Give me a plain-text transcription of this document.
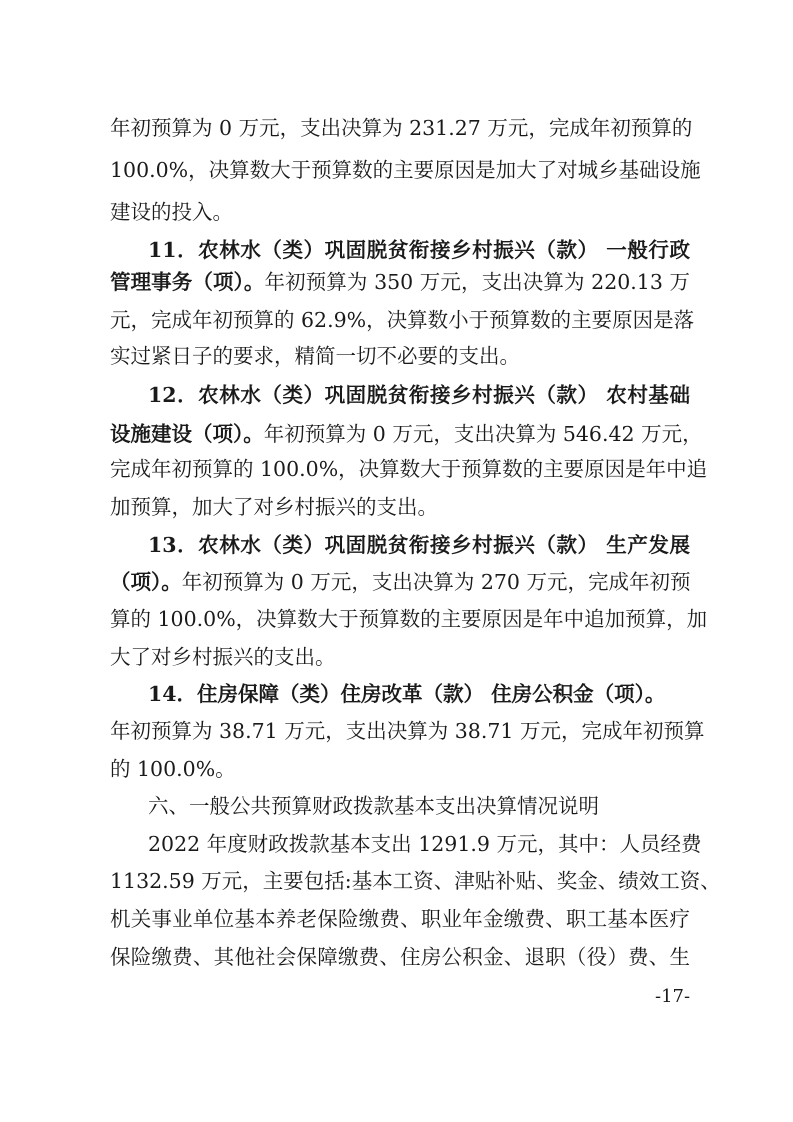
年初预算为 0 万元，支出决算为 231.27 万元，完成年初预算的
100.0%，决算数大于预算数的主要原因是加大了对城乡基础设施
建设的投入。
11．农林水（类）巩固脱贫衔接乡村振兴（款） 一般行政
管理事务（项）。年初预算为 350 万元，支出决算为 220.13 万
元，完成年初预算的 62.9%，决算数小于预算数的主要原因是落
实过紧日子的要求，精简一切不必要的支出。
12．农林水（类）巩固脱贫衔接乡村振兴（款） 农村基础
设施建设（项）。年初预算为 0 万元，支出决算为 546.42 万元，
完成年初预算的 100.0%，决算数大于预算数的主要原因是年中追
加预算，加大了对乡村振兴的支出。
13．农林水（类）巩固脱贫衔接乡村振兴（款） 生产发展
（项）。年初预算为 0 万元，支出决算为 270 万元，完成年初预
算的 100.0%，决算数大于预算数的主要原因是年中追加预算，加
大了对乡村振兴的支出。
14．住房保障（类）住房改革（款） 住房公积金（项）。
年初预算为 38.71 万元，支出决算为 38.71 万元，完成年初预算
的 100.0%。
六、一般公共预算财政拨款基本支出决算情况说明
2022 年度财政拨款基本支出 1291.9 万元，其中：人员经费
1132.59 万元，主要包括:基本工资、津贴补贴、奖金、绩效工资、
机关事业单位基本养老保险缴费、职业年金缴费、职工基本医疗
保险缴费、其他社会保障缴费、住房公积金、退职（役）费、生
-17-
